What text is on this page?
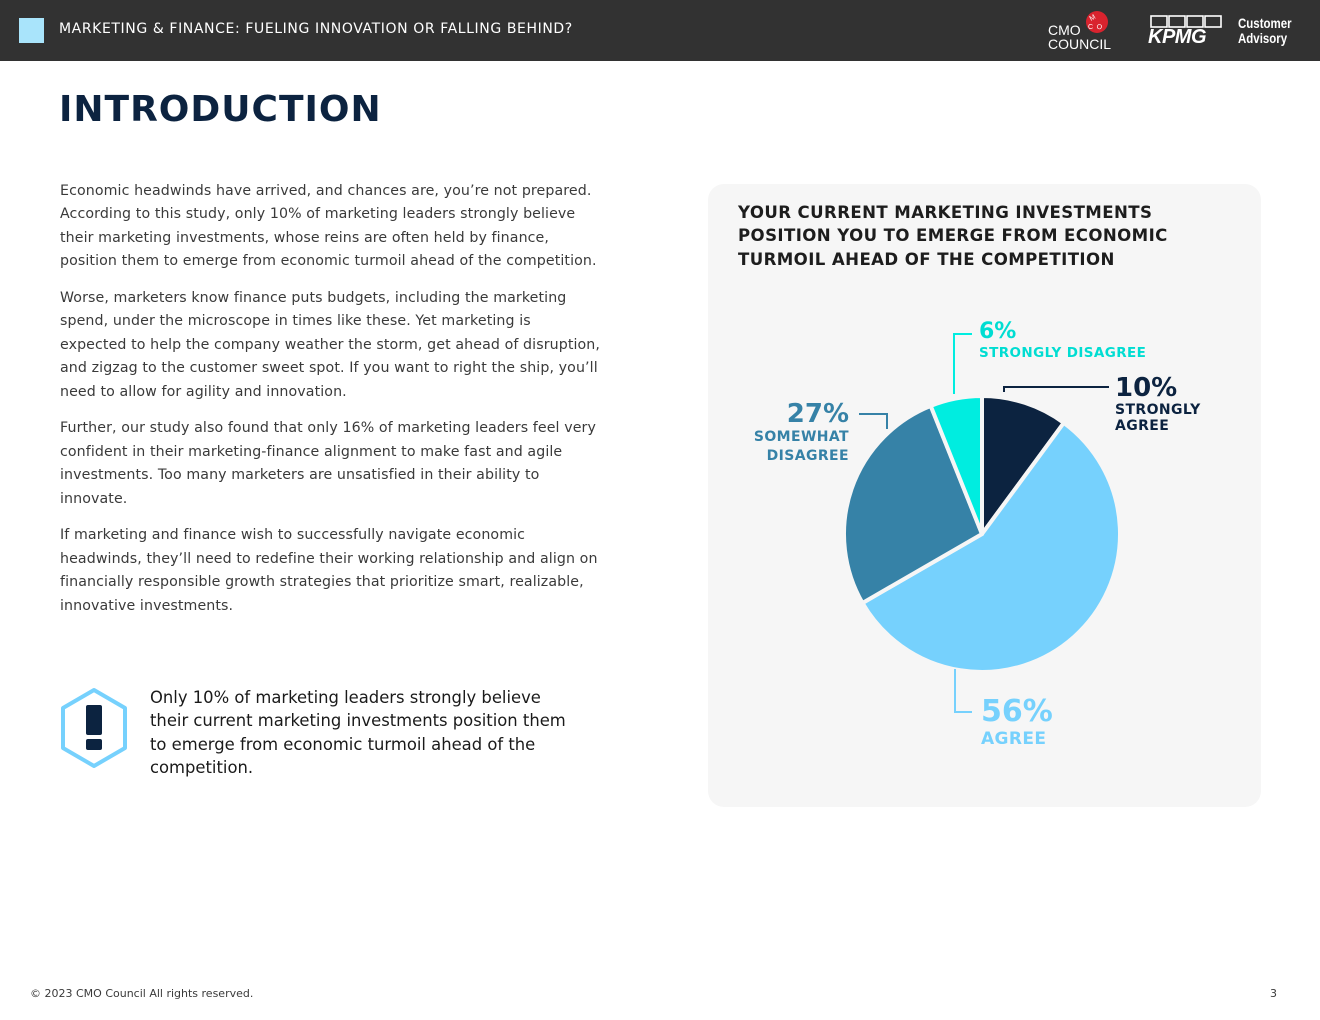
MARKETING & FINANCE: FUELING INNOVATION OR FALLING BEHIND?
M
O
C
CMO
COUNCIL KPMG
Customer
Advisory
INTRODUCTION

Economic headwinds have arrived, and chances are, you’re not prepared. According to this study, only 10% of marketing leaders strongly believe their marketing investments, whose reins are often held by finance, position them to emerge from economic turmoil ahead of the competition.

Worse, marketers know finance puts budgets, including the marketing spend, under the microscope in times like these. Yet marketing is expected to help the company weather the storm, get ahead of disruption, and zigzag to the customer sweet spot. If you want to right the ship, you’ll need to allow for agility and innovation.

Further, our study also found that only 16% of marketing leaders feel very confident in their marketing-finance alignment to make fast and agile investments. Too many marketers are unsatisfied in their ability to innovate.

If marketing and finance wish to successfully navigate economic headwinds, they’ll need to redefine their working relationship and align on financially responsible growth strategies that prioritize smart, realizable, innovative investments.

Only 10% of marketing leaders strongly believe their current marketing investments position them to emerge from economic turmoil ahead of the competition.
YOUR CURRENT MARKETING INVESTMENTS POSITION YOU TO EMERGE FROM ECONOMIC TURMOIL AHEAD OF THE COMPETITION
10%
STRONGLY
AGREE
6%
STRONGLY DISAGREE
27%
SOMEWHAT
DISAGREE
56%
AGREE
© 2023 CMO Council All rights reserved.	3
